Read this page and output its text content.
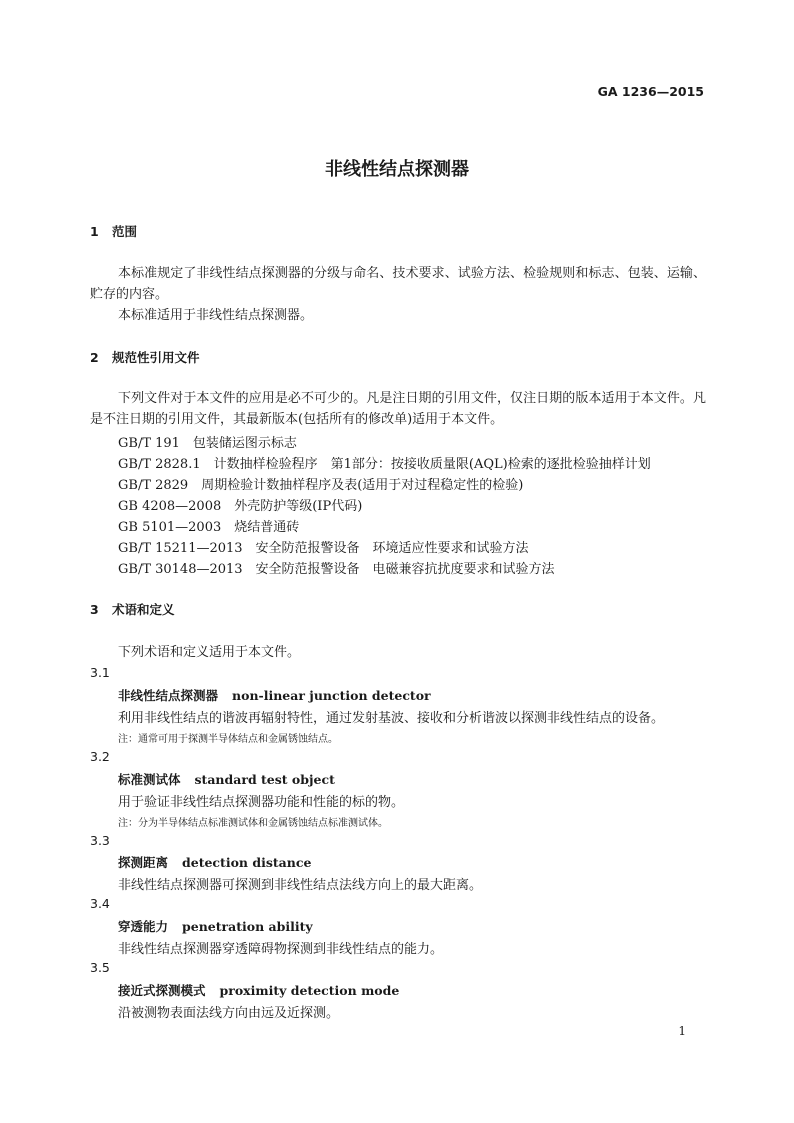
GA 1236—2015
非线性结点探测器
1 范围
本标准规定了非线性结点探测器的分级与命名、技术要求、试验方法、检验规则和标志、包装、运输、贮存的内容。
本标准适用于非线性结点探测器。
2 规范性引用文件
下列文件对于本文件的应用是必不可少的。凡是注日期的引用文件，仅注日期的版本适用于本文件。凡是不注日期的引用文件，其最新版本(包括所有的修改单)适用于本文件。
GB/T 191　包装储运图示标志
GB/T 2828.1　计数抽样检验程序　第1部分：按接收质量限(AQL)检索的逐批检验抽样计划
GB/T 2829　周期检验计数抽样程序及表(适用于对过程稳定性的检验)
GB 4208—2008　外壳防护等级(IP代码)
GB 5101—2003　烧结普通砖
GB/T 15211—2013　安全防范报警设备　环境适应性要求和试验方法
GB/T 30148—2013　安全防范报警设备　电磁兼容抗扰度要求和试验方法
3 术语和定义
下列术语和定义适用于本文件。
3.1
非线性结点探测器 non-linear junction detector
利用非线性结点的谐波再辐射特性，通过发射基波、接收和分析谐波以探测非线性结点的设备。
注：通常可用于探测半导体结点和金属锈蚀结点。
3.2
标准测试体 standard test object
用于验证非线性结点探测器功能和性能的标的物。
注：分为半导体结点标准测试体和金属锈蚀结点标准测试体。
3.3
探测距离 detection distance
非线性结点探测器可探测到非线性结点法线方向上的最大距离。
3.4
穿透能力 penetration ability
非线性结点探测器穿透障碍物探测到非线性结点的能力。
3.5
接近式探测模式 proximity detection mode
沿被测物表面法线方向由远及近探测。
1
